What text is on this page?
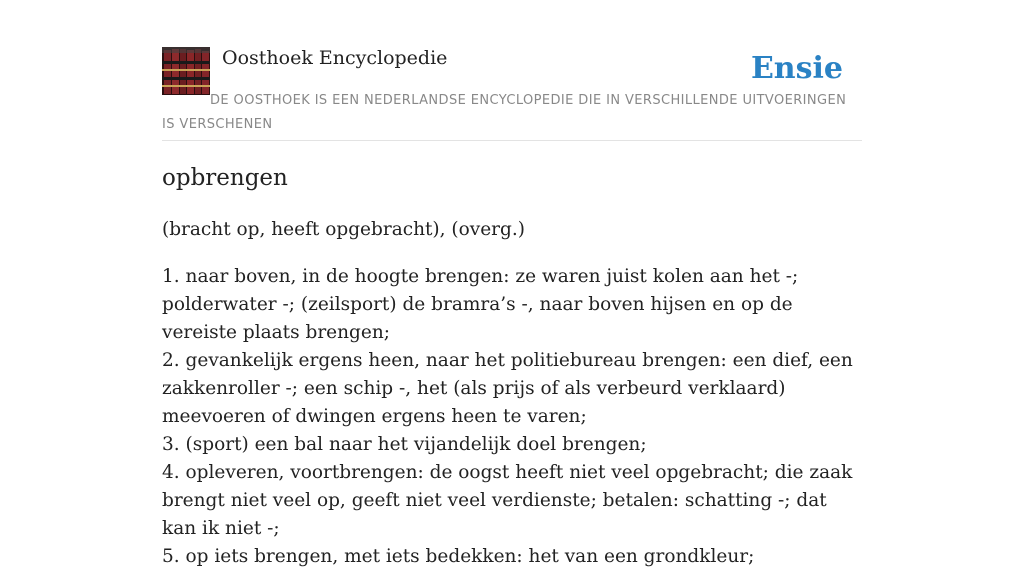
Oosthoek Encyclopedie	Ensie
DE OOSTHOEK IS EEN NEDERLANDSE ENCYCLOPEDIE DIE IN VERSCHILLENDE UITVOERINGEN IS VERSCHENEN
opbrengen
(bracht op, heeft opgebracht), (overg.)
1. naar boven, in de hoogte brengen: ze waren juist kolen aan het -; polderwater -; (zeilsport) de bramra’s -, naar boven hijsen en op de vereiste plaats brengen;
2. gevankelijk ergens heen, naar het politiebureau brengen: een dief, een zakkenroller -; een schip -, het (als prijs of als verbeurd verklaard) meevoeren of dwingen ergens heen te varen;
3. (sport) een bal naar het vijandelijk doel brengen;
4. opleveren, voortbrengen: de oogst heeft niet veel opgebracht; die zaak brengt niet veel op, geeft niet veel verdienste; betalen: schatting -; dat kan ik niet -;
5. op iets brengen, met iets bedekken: het van een grondkleur;
